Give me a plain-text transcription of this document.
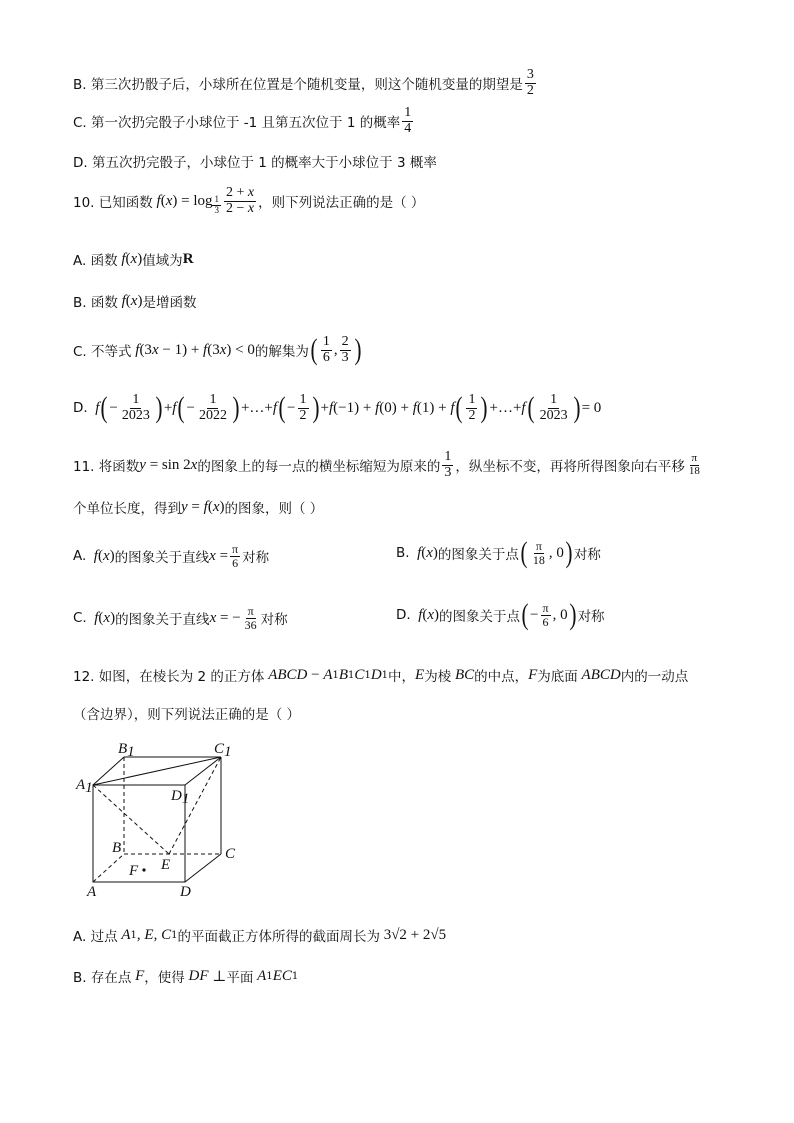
B. 第三次扔骰子后，小球所在位置是个随机变量，则这个随机变量的期望是 $\frac{3}{2}$
C. 第一次扔完骰子小球位于 -1 且第五次位于 1 的概率 $\frac{1}{4}$
D. 第五次扔完骰子，小球位于 1 的概率大于小球位于 3 概率
10. 已知函数 f ( x ) = $\log \frac{1}{3} \frac{2 + x}{2 - x}$ ，则下列说法正确的是（ ）
A. 函数 f ( x ) 值域为 R
B. 函数 f ( x ) 是增函数
C. 不等式 f (3 x − 1) + f (3 x ) < 0 的解集为 ( $\frac{1}{6}$ , $\frac{2}{3}$ )
D. f ( − $\frac{1}{2023}$ ) + f ( − $\frac{1}{2022}$ ) +…+ f ( − $\frac{1}{2}$ ) + f (−1) + f (0) + f (1) + f ( $\frac{1}{2}$ ) +…+ f ( $\frac{1}{2023}$ ) = 0
11. 将函数 y = sin 2 x 的图象上的每一点的横坐标缩短为原来的 $\frac{1}{3}$ ，纵坐标不变，再将所得图象向右平移 $\frac{\pi}{18}$
个单位长度，得到 y = f ( x ) 的图象，则（ ）
A. f ( x ) 的图象关于直线 $x = \frac{\pi}{6}$ 对称	B. f ( x ) 的图象关于点 ( $\frac{\pi}{18}$ , 0 ) 对称
C. f ( x ) 的图象关于直线 x = − $\frac{\pi}{36}$ 对称	D. f ( x ) 的图象关于点 ( − $\frac{\pi}{6}$ , 0 ) 对称
12. 如图，在棱长为 2 的正方体 ABCD − A 1 B 1 C 1 D 1 中， E 为棱 BC 的中点， F 为底面 ABCD 内的一动点
（含边界），则下列说法正确的是（ ）
B1	C1
A1	D1
B	C
E
F
A	D
A. 过点 A 1 , E , C 1 的平面截正方体所得的截面周长为 3√2 + 2√5
B. 存在点 F ，使得 DF ⊥ 平面 A 1 EC 1
